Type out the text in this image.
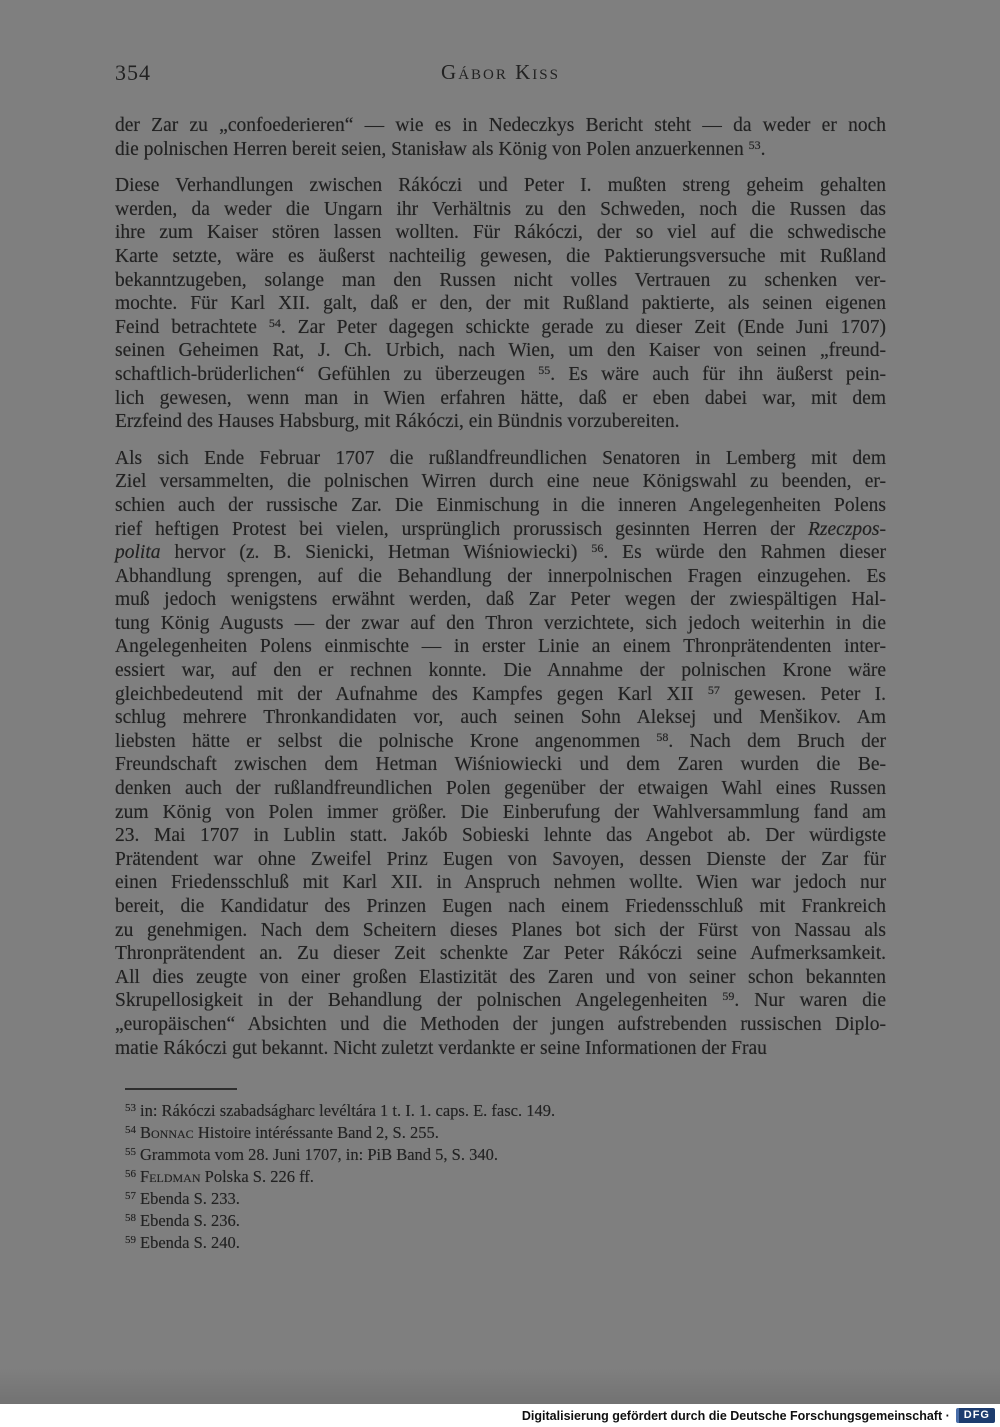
354	Gábor Kiss
der Zar zu „confoederieren“ — wie es in Nedeczkys Bericht steht — da weder er noch
die polnischen Herren bereit seien, Stanisław als König von Polen anzuerkennen $^{53}$.
Diese Verhandlungen zwischen Rákóczi und Peter I. mußten streng geheim gehalten
werden, da weder die Ungarn ihr Verhältnis zu den Schweden, noch die Russen das
ihre zum Kaiser stören lassen wollten. Für Rákóczi, der so viel auf die schwedische
Karte setzte, wäre es äußerst nachteilig gewesen, die Paktierungsversuche mit Rußland
bekanntzugeben, solange man den Russen nicht volles Vertrauen zu schenken ver-
mochte. Für Karl XII. galt, daß er den, der mit Rußland paktierte, als seinen eigenen
Feind betrachtete $^{54}$. Zar Peter dagegen schickte gerade zu dieser Zeit (Ende Juni 1707)
seinen Geheimen Rat, J. Ch. Urbich, nach Wien, um den Kaiser von seinen „freund-
schaftlich-brüderlichen“ Gefühlen zu überzeugen $^{55}$. Es wäre auch für ihn äußerst pein-
lich gewesen, wenn man in Wien erfahren hätte, daß er eben dabei war, mit dem
Erzfeind des Hauses Habsburg, mit Rákóczi, ein Bündnis vorzubereiten.
Als sich Ende Februar 1707 die rußlandfreundlichen Senatoren in Lemberg mit dem
Ziel versammelten, die polnischen Wirren durch eine neue Königswahl zu beenden, er-
schien auch der russische Zar. Die Einmischung in die inneren Angelegenheiten Polens
rief heftigen Protest bei vielen, ursprünglich prorussisch gesinnten Herren der Rzeczpos-
polita hervor (z. B. Sienicki, Hetman Wiśniowiecki) $^{56}$. Es würde den Rahmen dieser
Abhandlung sprengen, auf die Behandlung der innerpolnischen Fragen einzugehen. Es
muß jedoch wenigstens erwähnt werden, daß Zar Peter wegen der zwiespältigen Hal-
tung König Augusts — der zwar auf den Thron verzichtete, sich jedoch weiterhin in die
Angelegenheiten Polens einmischte — in erster Linie an einem Thronprätendenten inter-
essiert war, auf den er rechnen konnte. Die Annahme der polnischen Krone wäre
gleichbedeutend mit der Aufnahme des Kampfes gegen Karl XII $^{57}$ gewesen. Peter I.
schlug mehrere Thronkandidaten vor, auch seinen Sohn Aleksej und Menšikov. Am
liebsten hätte er selbst die polnische Krone angenommen $^{58}$. Nach dem Bruch der
Freundschaft zwischen dem Hetman Wiśniowiecki und dem Zaren wurden die Be-
denken auch der rußlandfreundlichen Polen gegenüber der etwaigen Wahl eines Russen
zum König von Polen immer größer. Die Einberufung der Wahlversammlung fand am
23. Mai 1707 in Lublin statt. Jakób Sobieski lehnte das Angebot ab. Der würdigste
Prätendent war ohne Zweifel Prinz Eugen von Savoyen, dessen Dienste der Zar für
einen Friedensschluß mit Karl XII. in Anspruch nehmen wollte. Wien war jedoch nur
bereit, die Kandidatur des Prinzen Eugen nach einem Friedensschluß mit Frankreich
zu genehmigen. Nach dem Scheitern dieses Planes bot sich der Fürst von Nassau als
Thronprätendent an. Zu dieser Zeit schenkte Zar Peter Rákóczi seine Aufmerksamkeit.
All dies zeugte von einer großen Elastizität des Zaren und von seiner schon bekannten
Skrupellosigkeit in der Behandlung der polnischen Angelegenheiten $^{59}$. Nur waren die
„europäischen“ Absichten und die Methoden der jungen aufstrebenden russischen Diplo-
matie Rákóczi gut bekannt. Nicht zuletzt verdankte er seine Informationen der Frau
$^{53}$ in: Rákóczi szabadságharc levéltára 1 t. I. 1. caps. E. fasc. 149.
$^{54}$ Bonnac Histoire intéréssante Band 2, S. 255.
$^{55}$ Grammota vom 28. Juni 1707, in: PiB Band 5, S. 340.
$^{56}$ Feldman Polska S. 226 ff.
$^{57}$ Ebenda S. 233.
$^{58}$ Ebenda S. 236.
$^{59}$ Ebenda S. 240.
Digitalisierung gefördert durch die Deutsche Forschungsgemeinschaft ·	DFG
